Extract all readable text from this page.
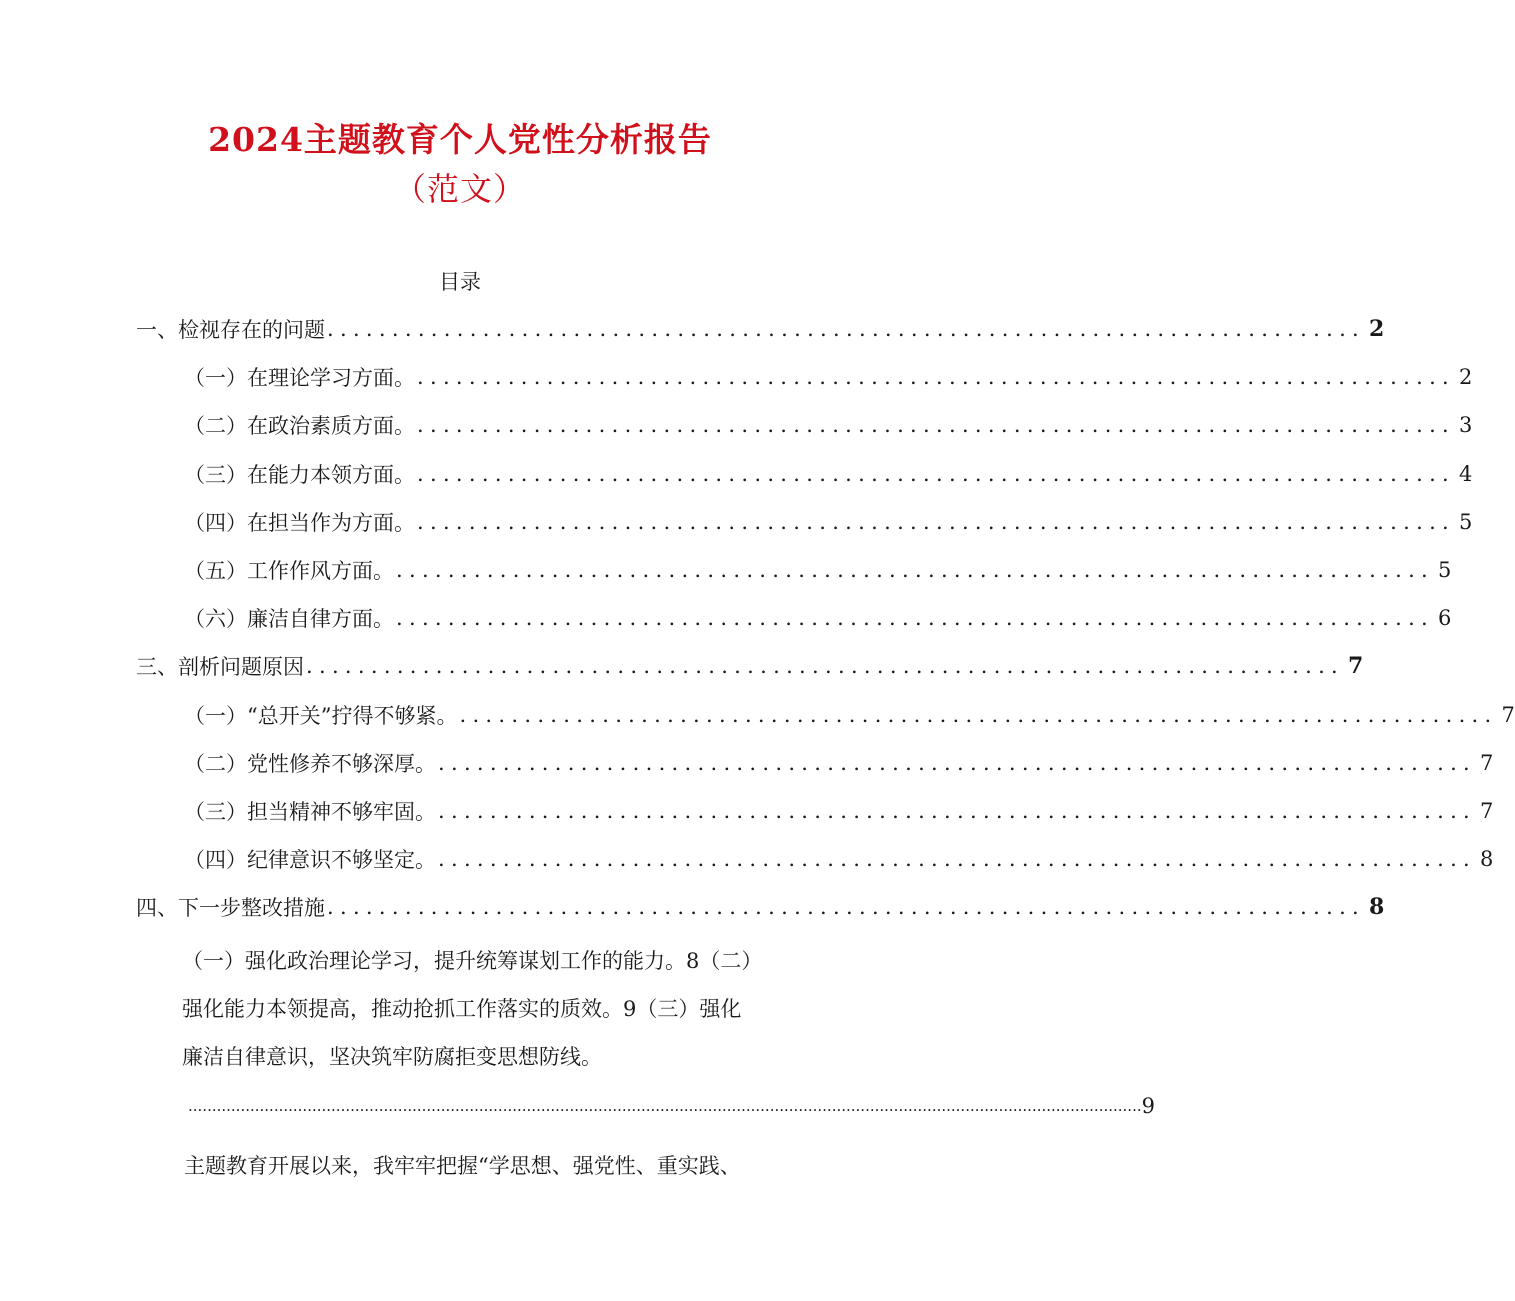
2024主题教育个人党性分析报告
（范文）
目录
一、检视存在的问题 ................................................................................ 2
（一）在理论学习方面。 ................................................................................ 2
（二）在政治素质方面。 ................................................................................ 3
（三）在能力本领方面。 ................................................................................ 4
（四）在担当作为方面。 ................................................................................ 5
（五）工作作风方面。 ................................................................................ 5
（六）廉洁自律方面。 ................................................................................ 6
三、剖析问题原因 ................................................................................ 7
（一）“总开关”拧得不够紧。 ................................................................................ 7
（二）党性修养不够深厚。 ................................................................................ 7
（三）担当精神不够牢固。 ................................................................................ 7
（四）纪律意识不够坚定。 ................................................................................ 8
四、下一步整改措施 ................................................................................ 8
（一）强化政治理论学习，提升统筹谋划工作的能力。8（二）
强化能力本领提高，推动抢抓工作落实的质效。9（三）强化
廉洁自律意识，坚决筑牢防腐拒变思想防线。
........................................................................................................................................................................................................ 9
主题教育开展以来，我牢牢把握“学思想、强党性、重实践、
